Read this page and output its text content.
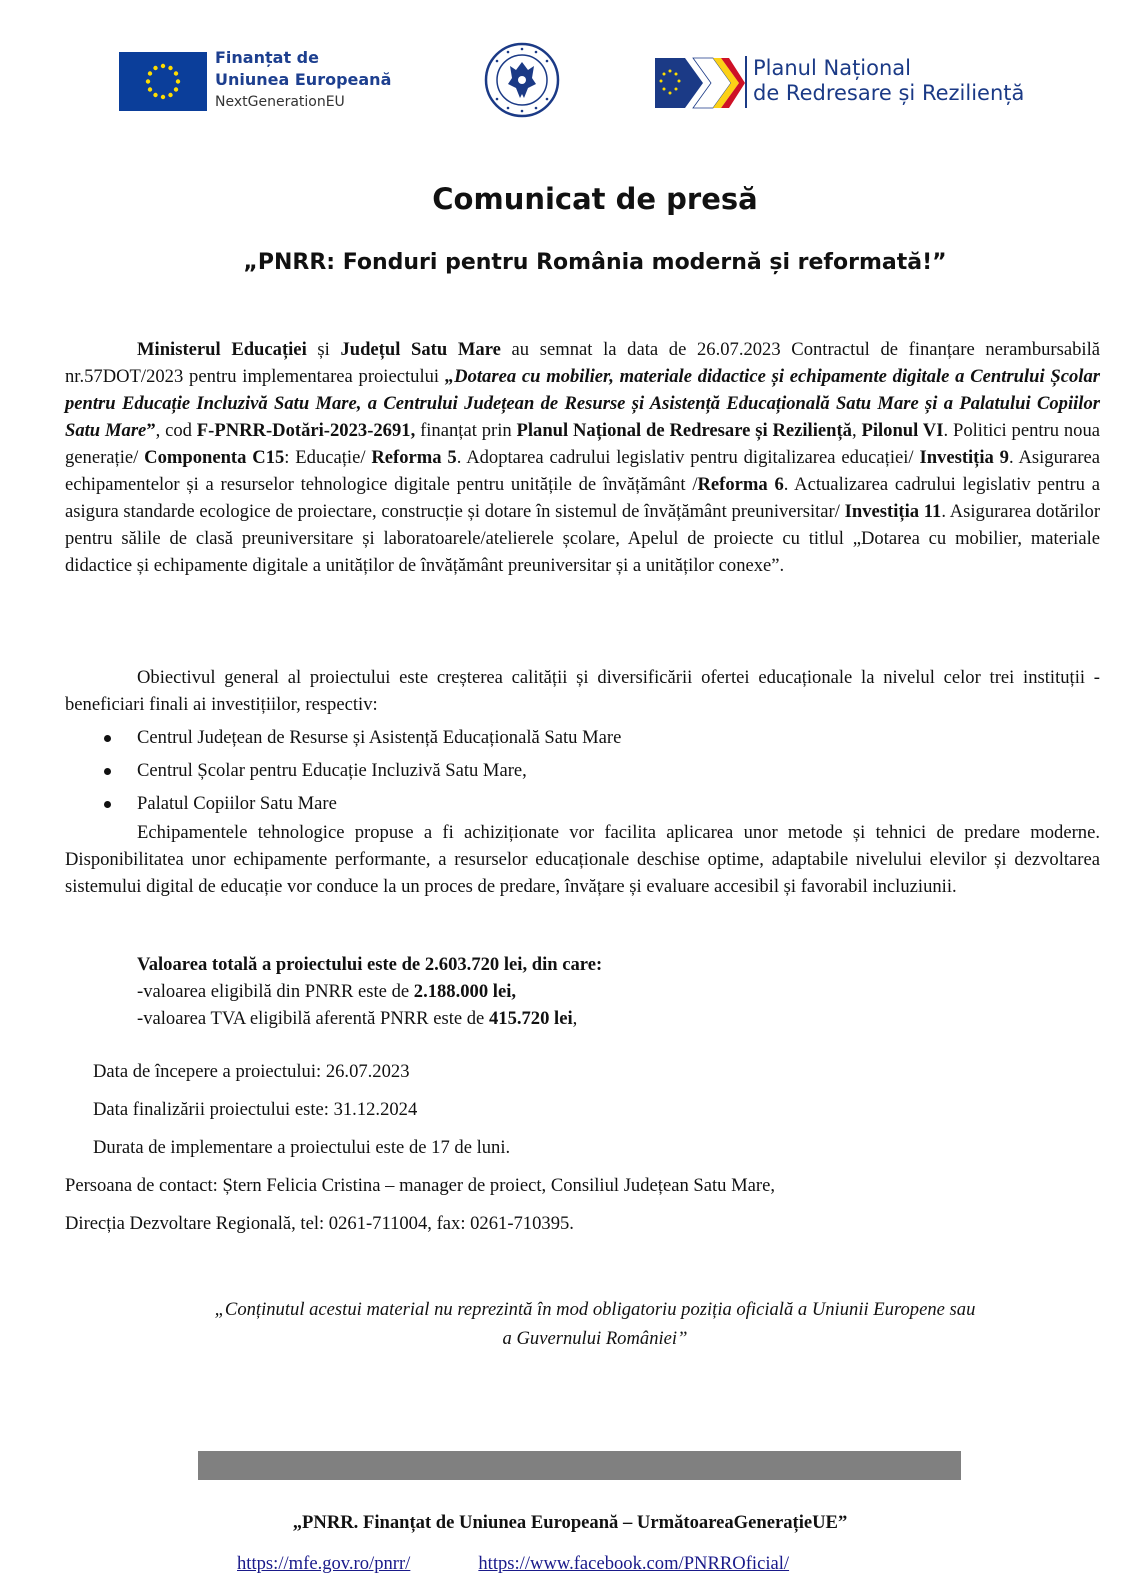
Finanțat de
Uniunea Europeană
NextGenerationEU
Planul Național
de Redresare și Reziliență
Comunicat de presă
„PNRR: Fonduri pentru România modernă și reformată!”

Ministerul Educației și Județul Satu Mare au semnat la data de 26.07.2023 Contractul de finanțare nerambursabilă nr.57DOT/2023 pentru implementarea proiectului „Dotarea cu mobilier, materiale didactice și echipamente digitale a Centrului Școlar pentru Educație Incluzivă Satu Mare, a Centrului Județean de Resurse și Asistență Educațională Satu Mare și a Palatului Copiilor Satu Mare”, cod F-PNRR-Dotări-2023-2691, finanțat prin Planul Național de Redresare și Reziliență, Pilonul VI. Politici pentru noua generație/ Componenta C15: Educație/ Reforma 5. Adoptarea cadrului legislativ pentru digitalizarea educației/ Investiția 9. Asigurarea echipamentelor și a resurselor tehnologice digitale pentru unitățile de învățământ /Reforma 6. Actualizarea cadrului legislativ pentru a asigura standarde ecologice de proiectare, construcție și dotare în sistemul de învățământ preuniversitar/ Investiția 11. Asigurarea dotărilor pentru sălile de clasă preuniversitare și laboratoarele/atelierele școlare, Apelul de proiecte cu titlul „Dotarea cu mobilier, materiale didactice și echipamente digitale a unităților de învățământ preuniversitar și a unităților conexe”.

Obiectivul general al proiectului este creșterea calității și diversificării ofertei educaționale la nivelul celor trei instituții - beneficiari finali ai investițiilor, respectiv:

Centrul Județean de Resurse și Asistență Educațională Satu Mare
Centrul Școlar pentru Educație Incluzivă Satu Mare,
Palatul Copiilor Satu Mare

Echipamentele tehnologice propuse a fi achiziționate vor facilita aplicarea unor metode și tehnici de predare moderne. Disponibilitatea unor echipamente performante, a resurselor educaționale deschise optime, adaptabile nivelului elevilor și dezvoltarea sistemului digital de educație vor conduce la un proces de predare, învățare și evaluare accesibil și favorabil incluziunii.

Valoarea totală a proiectului este de 2.603.720 lei, din care:
-valoarea eligibilă din PNRR este de 2.188.000 lei,
-valoarea TVA eligibilă aferentă PNRR este de 415.720 lei,
Data de începere a proiectului: 26.07.2023
Data finalizării proiectului este: 31.12.2024
Durata de implementare a proiectului este de 17 de luni.
Persoana de contact: Ștern Felicia Cristina – manager de proiect, Consiliul Județean Satu Mare,
Direcția Dezvoltare Regională, tel: 0261-711004, fax: 0261-710395.
„Conținutul acestui material nu reprezintă în mod obligatoriu poziția oficială a Uniunii Europene sau
a Guvernului României”
„PNRR. Finanțat de Uniunea Europeană – UrmătoareaGenerațieUE”
https://mfe.gov.ro/pnrr/	https://www.facebook.com/PNRROficial/
